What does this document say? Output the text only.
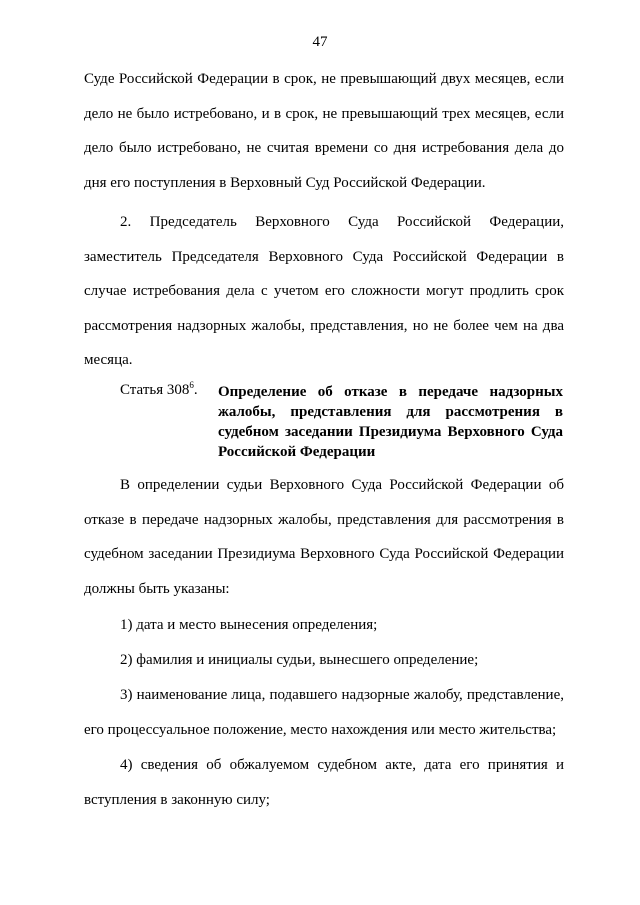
47
Суде Российской Федерации в срок, не превышающий двух месяцев, если
дело не было истребовано, и в срок, не превышающий трех месяцев, если
дело было истребовано, не считая времени со дня истребования дела до
дня его поступления в Верховный Суд Российской Федерации.
2. Председатель Верховного Суда Российской Федерации,
заместитель Председателя Верховного Суда Российской Федерации в
случае истребования дела с учетом его сложности могут продлить срок
рассмотрения надзорных жалобы, представления, но не более чем на два
месяца.
Статья $308^6$. Определение об отказе в передаче надзорных
жалобы, представления для рассмотрения в
судебном заседании Президиума Верховного Суда
Российской Федерации
В определении судьи Верховного Суда Российской Федерации об
отказе в передаче надзорных жалобы, представления для рассмотрения в
судебном заседании Президиума Верховного Суда Российской Федерации
должны быть указаны:
1) дата и место вынесения определения;
2) фамилия и инициалы судьи, вынесшего определение;
3) наименование лица, подавшего надзорные жалобу, представление,
его процессуальное положение, место нахождения или место жительства;
4) сведения об обжалуемом судебном акте, дата его принятия и
вступления в законную силу;
